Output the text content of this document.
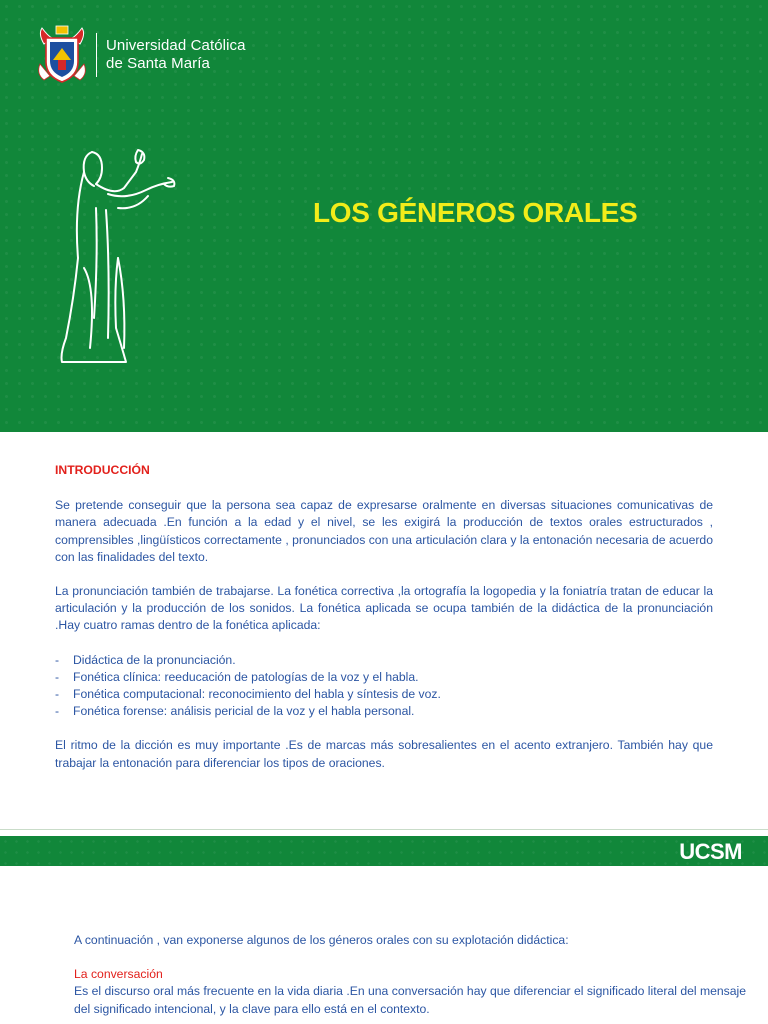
Universidad Católica
de Santa María
LOS GÉNEROS ORALES
INTRODUCCIÓN

Se pretende conseguir que la persona sea capaz de expresarse oralmente en diversas situaciones comunicativas de manera adecuada .En función a la edad y el nivel, se les exigirá la producción de textos orales estructurados , comprensibles ,lingüísticos correctamente , pronunciados con una articulación clara y la entonación necesaria de acuerdo con las finalidades del texto.

La pronunciación también de trabajarse. La fonética correctiva ,la ortografía la logopedia y la foniatría tratan de educar la articulación y la producción de los sonidos. La fonética aplicada se ocupa también de la didáctica de la pronunciación .Hay cuatro ramas dentro de la fonética aplicada:

- Didáctica de la pronunciación.
- Fonética clínica: reeducación de patologías de la voz y el habla.
- Fonética computacional: reconocimiento del habla y síntesis de voz.
- Fonética forense: análisis pericial de la voz y el habla personal.

El ritmo de la dicción es muy importante .Es de marcas más sobresalientes en el acento extranjero. También hay que trabajar la entonación para diferenciar los tipos de oraciones.

UCSM

A continuación , van exponerse algunos de los géneros orales con su explotación didáctica:

La conversación

Es el discurso oral más frecuente en la vida diaria .En una conversación hay que diferenciar el significado literal del mensaje del significado intencional, y la clave para ello está en el contexto.
